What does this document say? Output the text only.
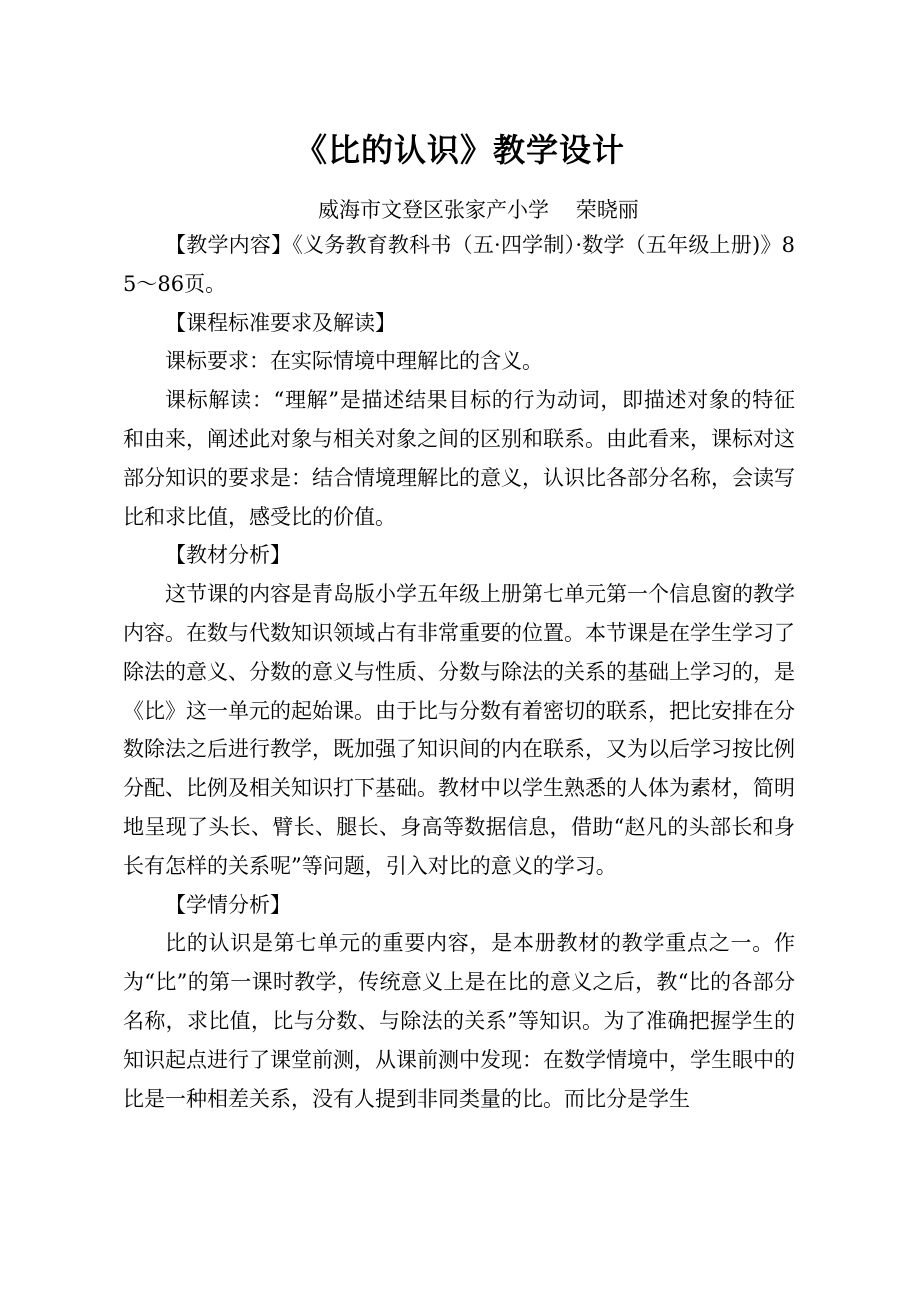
《比的认识》教学设计
威海市文登区张家产小学    荣晓丽

【教学内容】《义务教育教科书（五·四学制）·数学（五年级上册)》85～86页。

【课程标准要求及解读】

课标要求：在实际情境中理解比的含义。

课标解读：“理解”是描述结果目标的行为动词，即描述对象的特征和由来，阐述此对象与相关对象之间的区别和联系。由此看来，课标对这部分知识的要求是：结合情境理解比的意义，认识比各部分名称，会读写比和求比值，感受比的价值。

【教材分析】

这节课的内容是青岛版小学五年级上册第七单元第一个信息窗的教学内容。在数与代数知识领域占有非常重要的位置。本节课是在学生学习了除法的意义、分数的意义与性质、分数与除法的关系的基础上学习的，是《比》这一单元的起始课。由于比与分数有着密切的联系，把比安排在分数除法之后进行教学，既加强了知识间的内在联系，又为以后学习按比例分配、比例及相关知识打下基础。教材中以学生熟悉的人体为素材，简明地呈现了头长、臂长、腿长、身高等数据信息，借助“赵凡的头部长和身长有怎样的关系呢”等问题，引入对比的意义的学习。

【学情分析】

比的认识是第七单元的重要内容，是本册教材的教学重点之一。作为“比”的第一课时教学，传统意义上是在比的意义之后，教“比的各部分名称，求比值，比与分数、与除法的关系”等知识。为了准确把握学生的知识起点进行了课堂前测，从课前测中发现：在数学情境中，学生眼中的比是一种相差关系，没有人提到非同类量的比。而比分是学生
